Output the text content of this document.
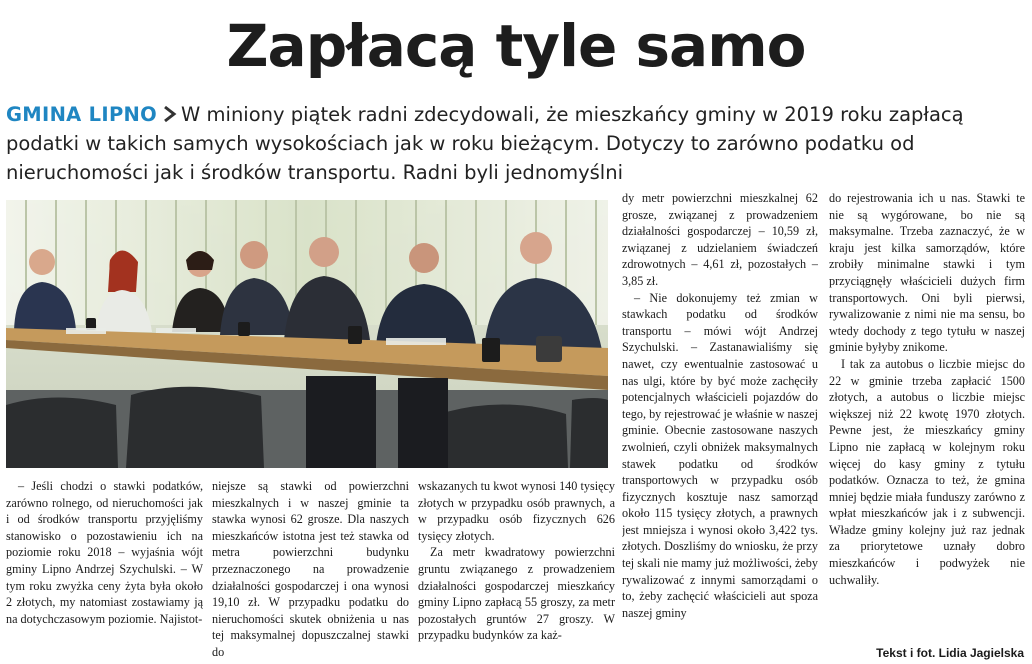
Zapłacą tyle samo

GMINA LIPNO W miniony piątek radni zdecydowali, że mieszkańcy gminy w 2019 roku zapłacą podatki w takich samych wysokościach jak w roku bieżącym. Dotyczy to zarówno podatku od nieruchomości jak i środków transportu. Radni byli jednomyślni

– Jeśli chodzi o stawki podatków, zarówno rolnego, od nieruchomości jak i od środków transportu przyjęliśmy stanowisko o pozostawieniu ich na poziomie roku 2018 – wyjaśnia wójt gminy Lipno Andrzej Szychulski. – W tym roku zwyżka ceny żyta była około 2 złotych, my natomiast zostawiamy ją na dotychczasowym poziomie. Najistot-

niejsze są stawki od powierzchni mieszkalnych i w naszej gminie ta stawka wynosi 62 grosze. Dla naszych mieszkańców istotna jest też stawka od metra powierzchni budynku przeznaczonego na prowadzenie działalności gospodarczej i ona wynosi 19,10 zł. W przypadku podatku do nieruchomości skutek obniżenia u nas tej maksymalnej dopuszczalnej stawki do

wskazanych tu kwot wynosi 140 tysięcy złotych w przypadku osób prawnych, a w przypadku osób fizycznych 626 tysięcy złotych.

Za metr kwadratowy powierzchni gruntu związanego z prowadzeniem działalności gospodarczej mieszkańcy gminy Lipno zapłacą 55 groszy, za metr pozostałych gruntów 27 groszy. W przypadku budynków za każ-

dy metr powierzchni mieszkalnej 62 grosze, związanej z prowadzeniem działalności gospodarczej – 10,59 zł, związanej z udzielaniem świadczeń zdrowotnych – 4,61 zł, pozostałych – 3,85 zł.

– Nie dokonujemy też zmian w stawkach podatku od środków transportu – mówi wójt Andrzej Szychulski. – Zastanawialiśmy się nawet, czy ewentualnie zastosować u nas ulgi, które by być może zachęciły potencjalnych właścicieli pojazdów do tego, by rejestrować je właśnie w naszej gminie. Obecnie zastosowane naszych zwolnień, czyli obniżek maksymalnych stawek podatku od środków transportowych w przypadku osób fizycznych kosztuje nasz samorząd około 115 tysięcy złotych, a prawnych jest mniejsza i wynosi około 3,422 tys. złotych. Doszliśmy do wniosku, że przy tej skali nie mamy już możliwości, żeby rywalizować z innymi samorządami o to, żeby zachęcić właścicieli aut spoza naszej gminy

do rejestrowania ich u nas. Stawki te nie są wygórowane, bo nie są maksymalne. Trzeba zaznaczyć, że w kraju jest kilka samorządów, które zrobiły minimalne stawki i tym przyciągnęły właścicieli dużych firm transportowych. Oni byli pierwsi, rywalizowanie z nimi nie ma sensu, bo wtedy dochody z tego tytułu w naszej gminie byłyby znikome.

I tak za autobus o liczbie miejsc do 22 w gminie trzeba zapłacić 1500 złotych, a autobus o liczbie miejsc większej niż 22 kwotę 1970 złotych. Pewne jest, że mieszkańcy gminy Lipno nie zapłacą w kolejnym roku więcej do kasy gminy z tytułu podatków. Oznacza to też, że gmina mniej będzie miała funduszy zarówno z wpłat mieszkańców jak i z subwencji. Władze gminy kolejny już raz jednak za priorytetowe uznały dobro mieszkańców i podwyżek nie uchwaliły.

Tekst i fot. Lidia Jagielska
